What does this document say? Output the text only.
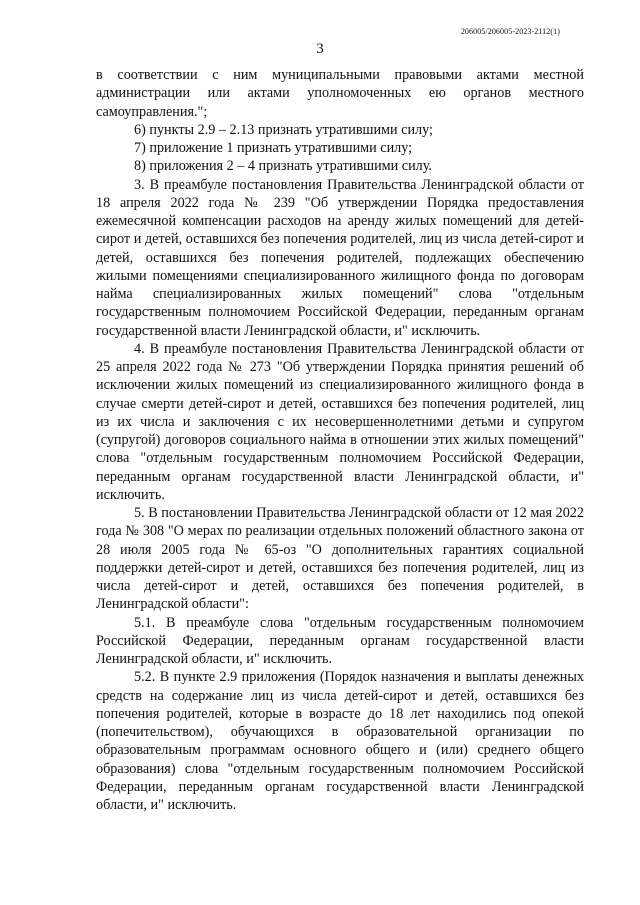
206005/206005-2023-2112(1)
3

в соответствии с ним муниципальными правовыми актами местной администрации или актами уполномоченных ею органов местного самоуправления.";

6) пункты 2.9 – 2.13 признать утратившими силу;

7) приложение 1 признать утратившими силу;

8) приложения 2 – 4 признать утратившими силу.

3. В преамбуле постановления Правительства Ленинградской области от 18 апреля 2022 года № 239 "Об утверждении Порядка предоставления ежемесячной компенсации расходов на аренду жилых помещений для детей-сирот и детей, оставшихся без попечения родителей, лиц из числа детей-сирот и детей, оставшихся без попечения родителей, подлежащих обеспечению жилыми помещениями специализированного жилищного фонда по договорам найма специализированных жилых помещений" слова "отдельным государственным полномочием Российской Федерации, переданным органам государственной власти Ленинградской области, и" исключить.

4. В преамбуле постановления Правительства Ленинградской области от 25 апреля 2022 года № 273 "Об утверждении Порядка принятия решений об исключении жилых помещений из специализированного жилищного фонда в случае смерти детей-сирот и детей, оставшихся без попечения родителей, лиц из их числа и заключения с их несовершеннолетними детьми и супругом (супругой) договоров социального найма в отношении этих жилых помещений" слова "отдельным государственным полномочием Российской Федерации, переданным органам государственной власти Ленинградской области, и" исключить.

5. В постановлении Правительства Ленинградской области от 12 мая 2022 года № 308 "О мерах по реализации отдельных положений областного закона от 28 июля 2005 года № 65-оз "О дополнительных гарантиях социальной поддержки детей-сирот и детей, оставшихся без попечения родителей, лиц из числа детей-сирот и детей, оставшихся без попечения родителей, в Ленинградской области":

5.1. В преамбуле слова "отдельным государственным полномочием Российской Федерации, переданным органам государственной власти Ленинградской области, и" исключить.

5.2. В пункте 2.9 приложения (Порядок назначения и выплаты денежных средств на содержание лиц из числа детей-сирот и детей, оставшихся без попечения родителей, которые в возрасте до 18 лет находились под опекой (попечительством), обучающихся в образовательной организации по образовательным программам основного общего и (или) среднего общего образования) слова "отдельным государственным полномочием Российской Федерации, переданным органам государственной власти Ленинградской области, и" исключить.
